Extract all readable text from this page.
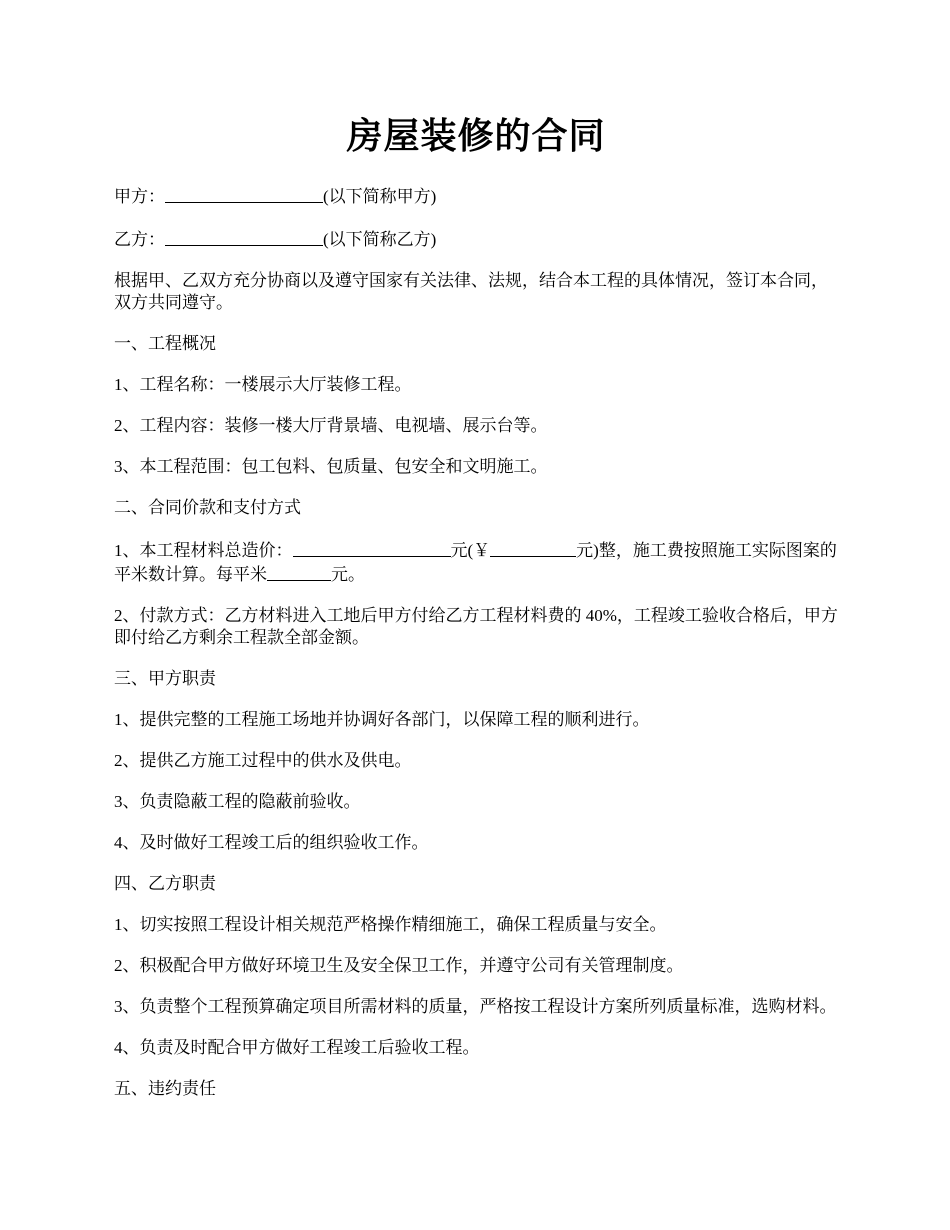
房屋装修的合同

甲方：	(以下简称甲方)

乙方：	(以下简称乙方)

根据甲、乙双方充分协商以及遵守国家有关法律、法规，结合本工程的具体情况，签订本合同，双方共同遵守。

一、工程概况

1、工程名称：一楼展示大厅装修工程。

2、工程内容：装修一楼大厅背景墙、电视墙、展示台等。

3、本工程范围：包工包料、包质量、包安全和文明施工。

二、合同价款和支付方式

1、本工程材料总造价：	元(￥	元)整，施工费按照施工实际图案的平米数计算。每平米	元。

2、付款方式：乙方材料进入工地后甲方付给乙方工程材料费的 40%，工程竣工验收合格后，甲方即付给乙方剩余工程款全部金额。

三、甲方职责

1、提供完整的工程施工场地并协调好各部门，以保障工程的顺利进行。

2、提供乙方施工过程中的供水及供电。

3、负责隐蔽工程的隐蔽前验收。

4、及时做好工程竣工后的组织验收工作。

四、乙方职责

1、切实按照工程设计相关规范严格操作精细施工，确保工程质量与安全。

2、积极配合甲方做好环境卫生及安全保卫工作，并遵守公司有关管理制度。

3、负责整个工程预算确定项目所需材料的质量，严格按工程设计方案所列质量标准，选购材料。

4、负责及时配合甲方做好工程竣工后验收工程。

五、违约责任
